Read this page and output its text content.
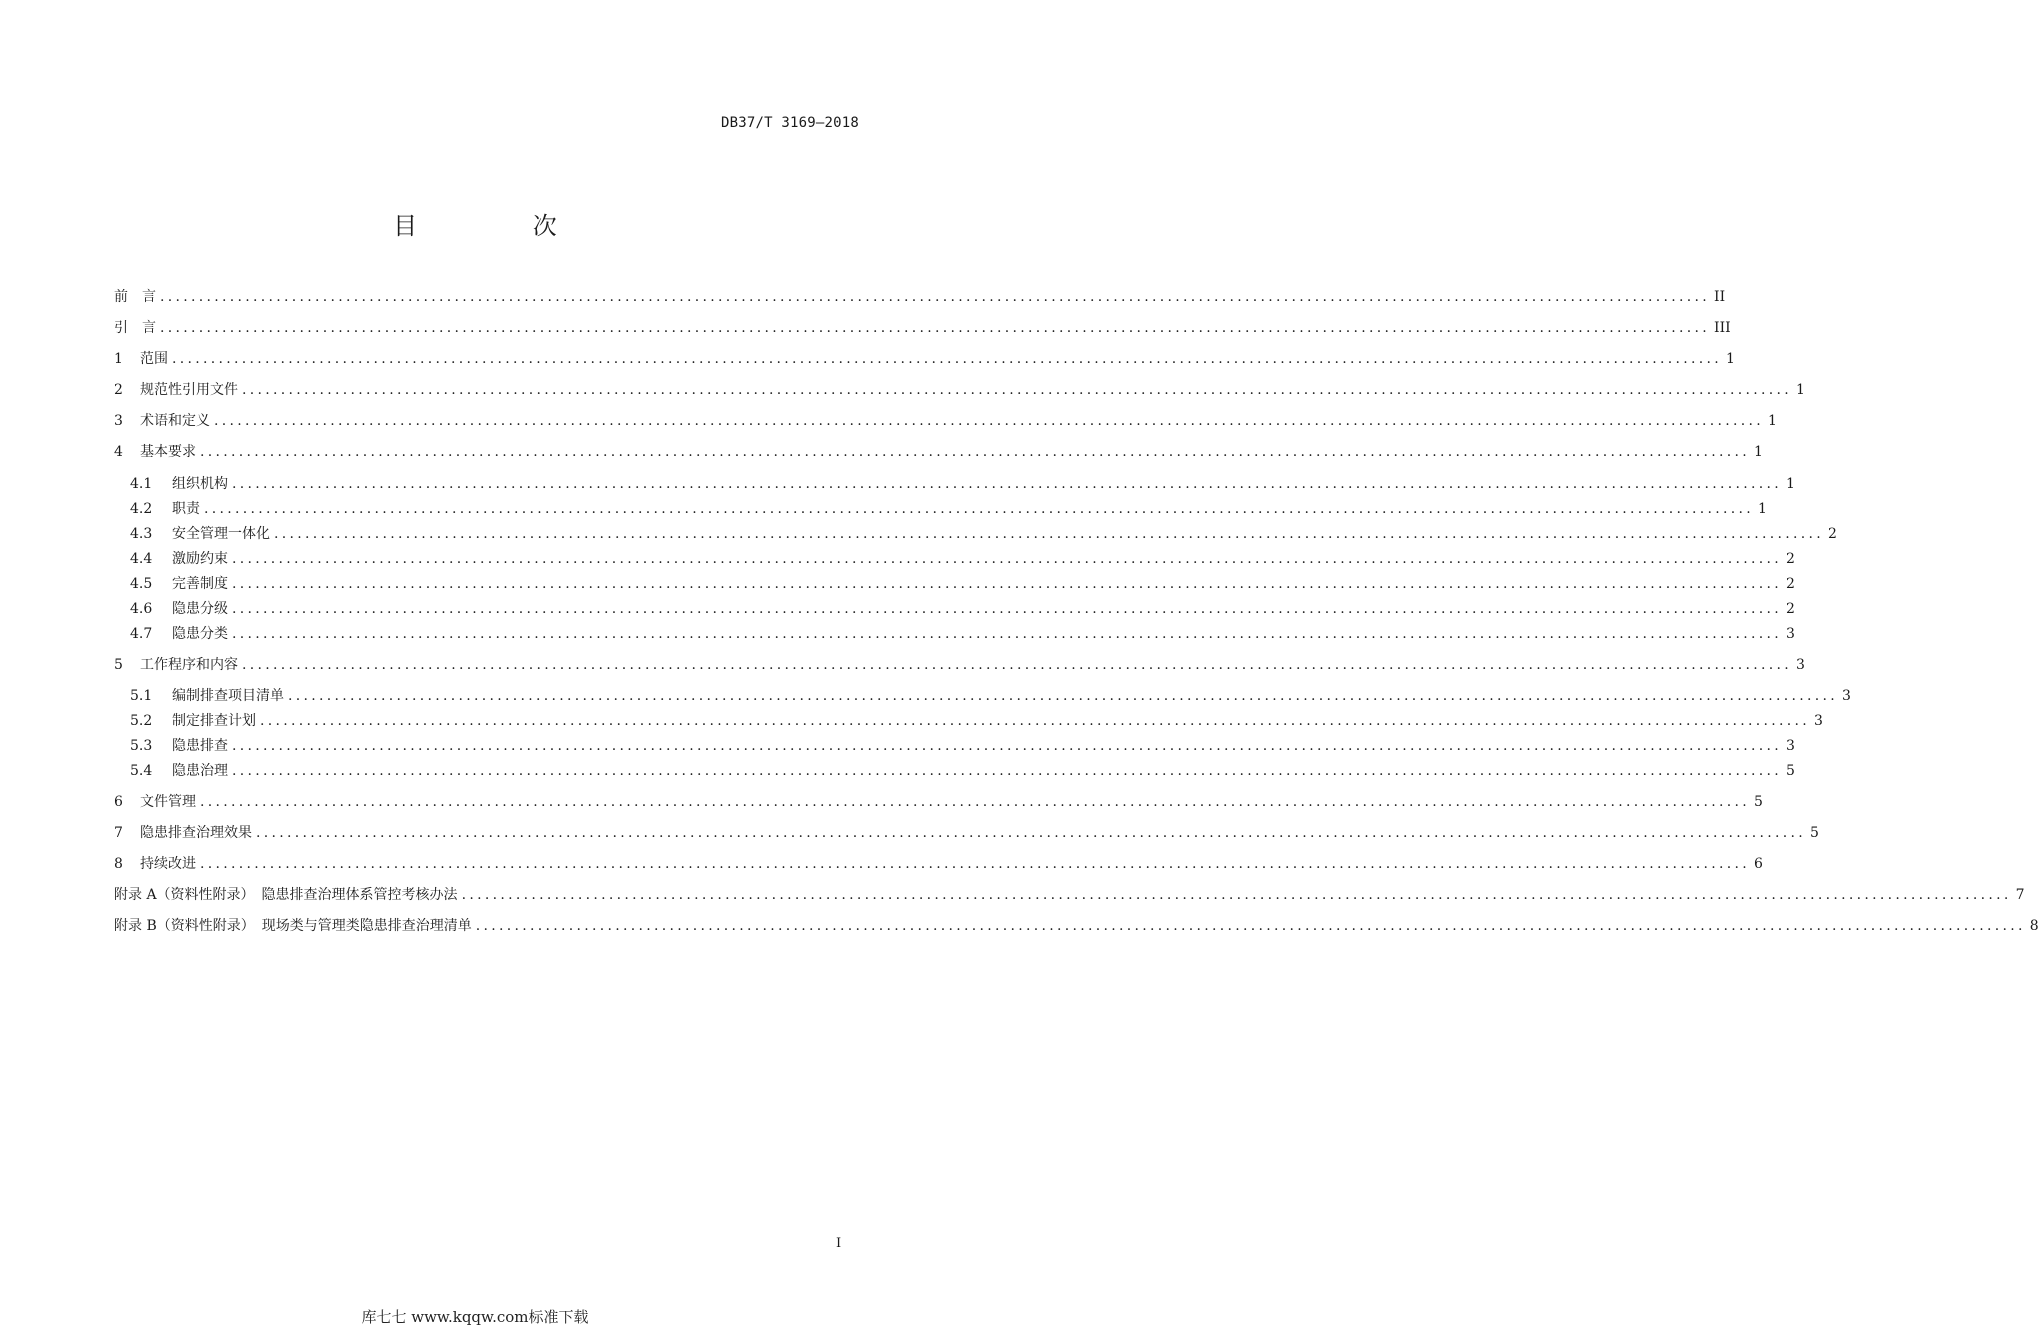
DB37/T 3169—2018
目 次
前　言 ........................................................................................................................................................................................................ II
引　言 ........................................................................................................................................................................................................ III
1	范围 ........................................................................................................................................................................................................ 1
2	规范性引用文件 ........................................................................................................................................................................................................ 1
3	术语和定义 ........................................................................................................................................................................................................ 1
4	基本要求 ........................................................................................................................................................................................................ 1
4.1	组织机构 ........................................................................................................................................................................................................ 1
4.2	职责 ........................................................................................................................................................................................................ 1
4.3	安全管理一体化 ........................................................................................................................................................................................................ 2
4.4	激励约束 ........................................................................................................................................................................................................ 2
4.5	完善制度 ........................................................................................................................................................................................................ 2
4.6	隐患分级 ........................................................................................................................................................................................................ 2
4.7	隐患分类 ........................................................................................................................................................................................................ 3
5	工作程序和内容 ........................................................................................................................................................................................................ 3
5.1	编制排查项目清单 ........................................................................................................................................................................................................ 3
5.2	制定排查计划 ........................................................................................................................................................................................................ 3
5.3	隐患排查 ........................................................................................................................................................................................................ 3
5.4	隐患治理 ........................................................................................................................................................................................................ 5
6	文件管理 ........................................................................................................................................................................................................ 5
7	隐患排查治理效果 ........................................................................................................................................................................................................ 5
8	持续改进 ........................................................................................................................................................................................................ 6
附录 A（资料性附录）　隐患排查治理体系管控考核办法 ........................................................................................................................................................................................................ 7
附录 B（资料性附录）　现场类与管理类隐患排查治理清单 ........................................................................................................................................................................................................ 8
I
库七七 www.kqqw.com标准下载
